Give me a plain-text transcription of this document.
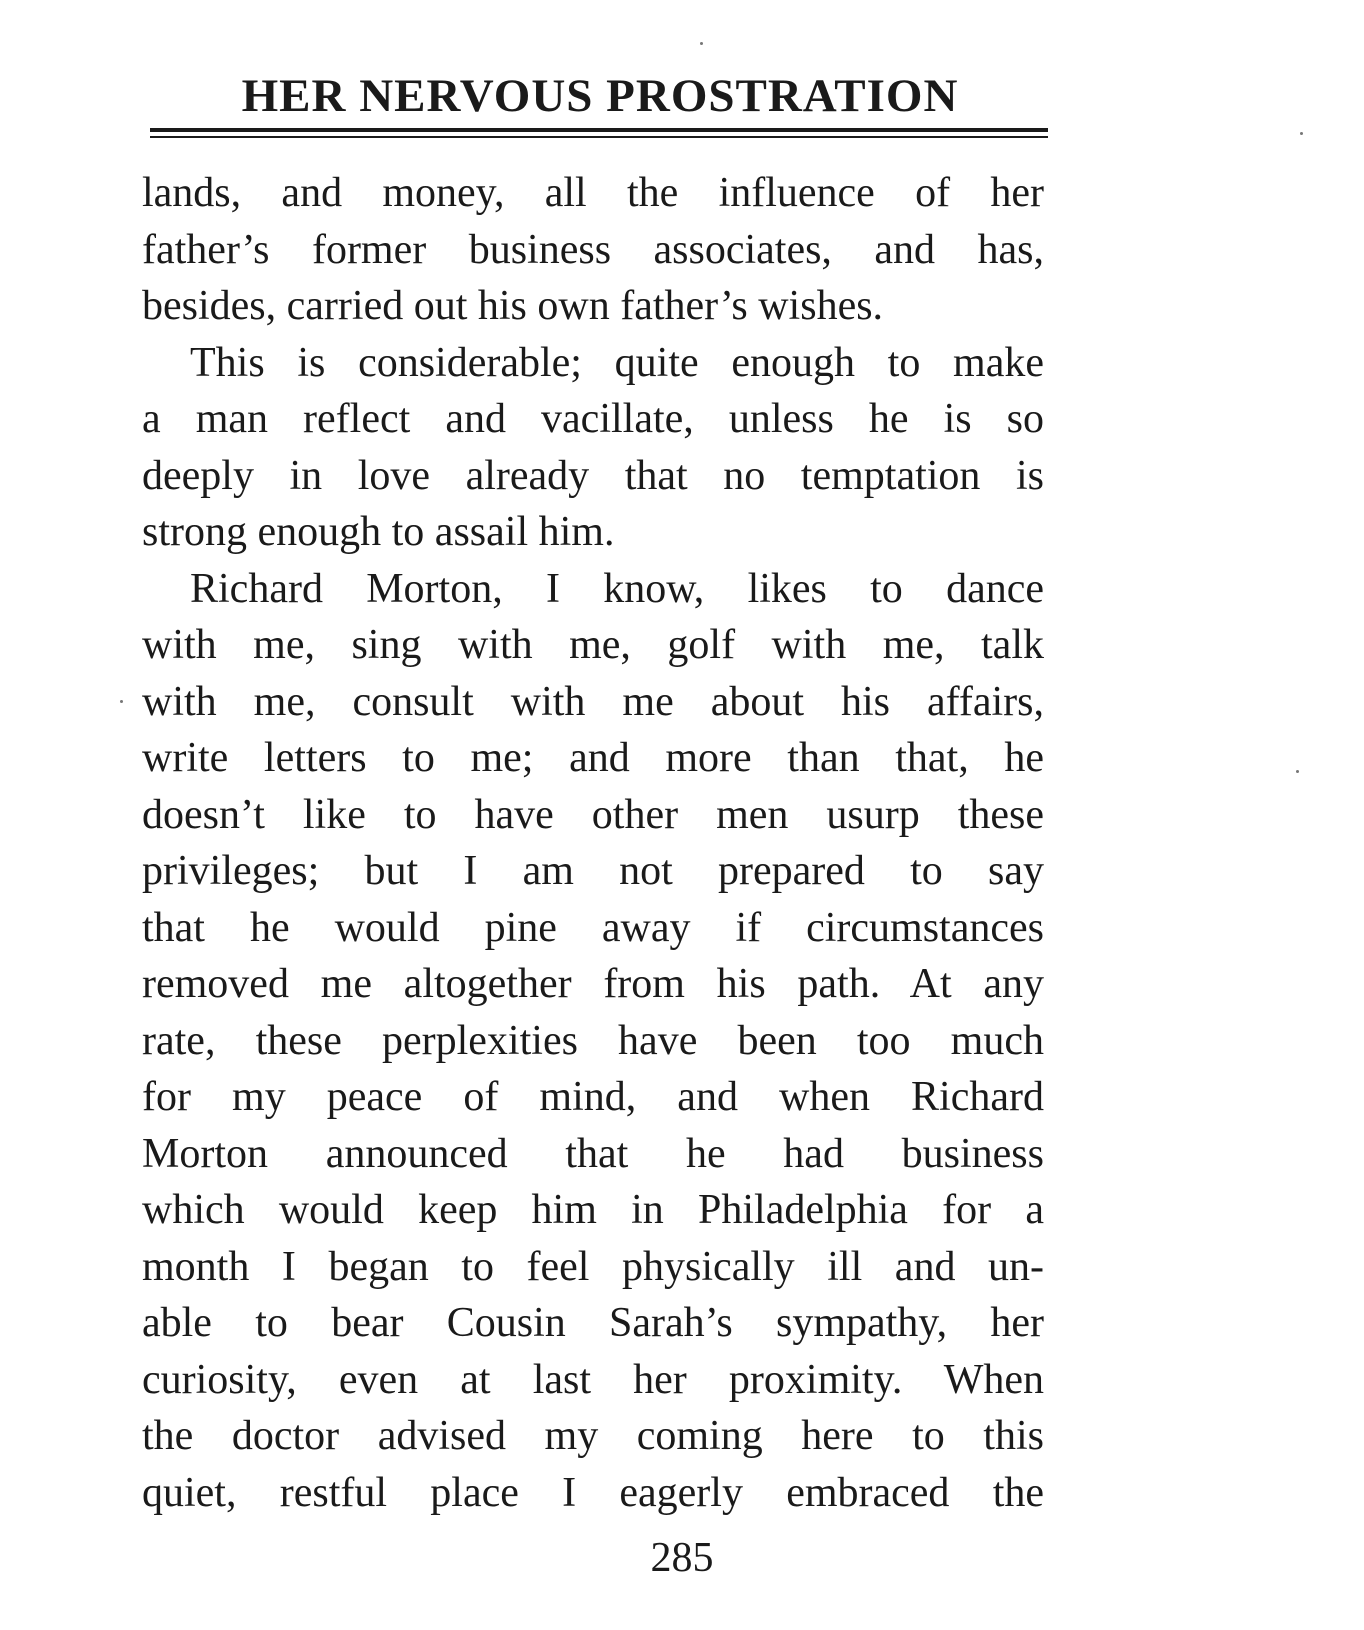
HER NERVOUS PROSTRATION
lands, and money, all the influence of her
father’s former business associates, and has,
besides, carried out his own father’s wishes.
This is considerable; quite enough to make
a man reflect and vacillate, unless he is so
deeply in love already that no temptation is
strong enough to assail him.
Richard Morton, I know, likes to dance
with me, sing with me, golf with me, talk
with me, consult with me about his affairs,
write letters to me; and more than that, he
doesn’t like to have other men usurp these
privileges; but I am not prepared to say
that he would pine away if circumstances
removed me altogether from his path. At any
rate, these perplexities have been too much
for my peace of mind, and when Richard
Morton announced that he had business
which would keep him in Philadelphia for a
month I began to feel physically ill and un-
able to bear Cousin Sarah’s sympathy, her
curiosity, even at last her proximity. When
the doctor advised my coming here to this
quiet, restful place I eagerly embraced the
285
